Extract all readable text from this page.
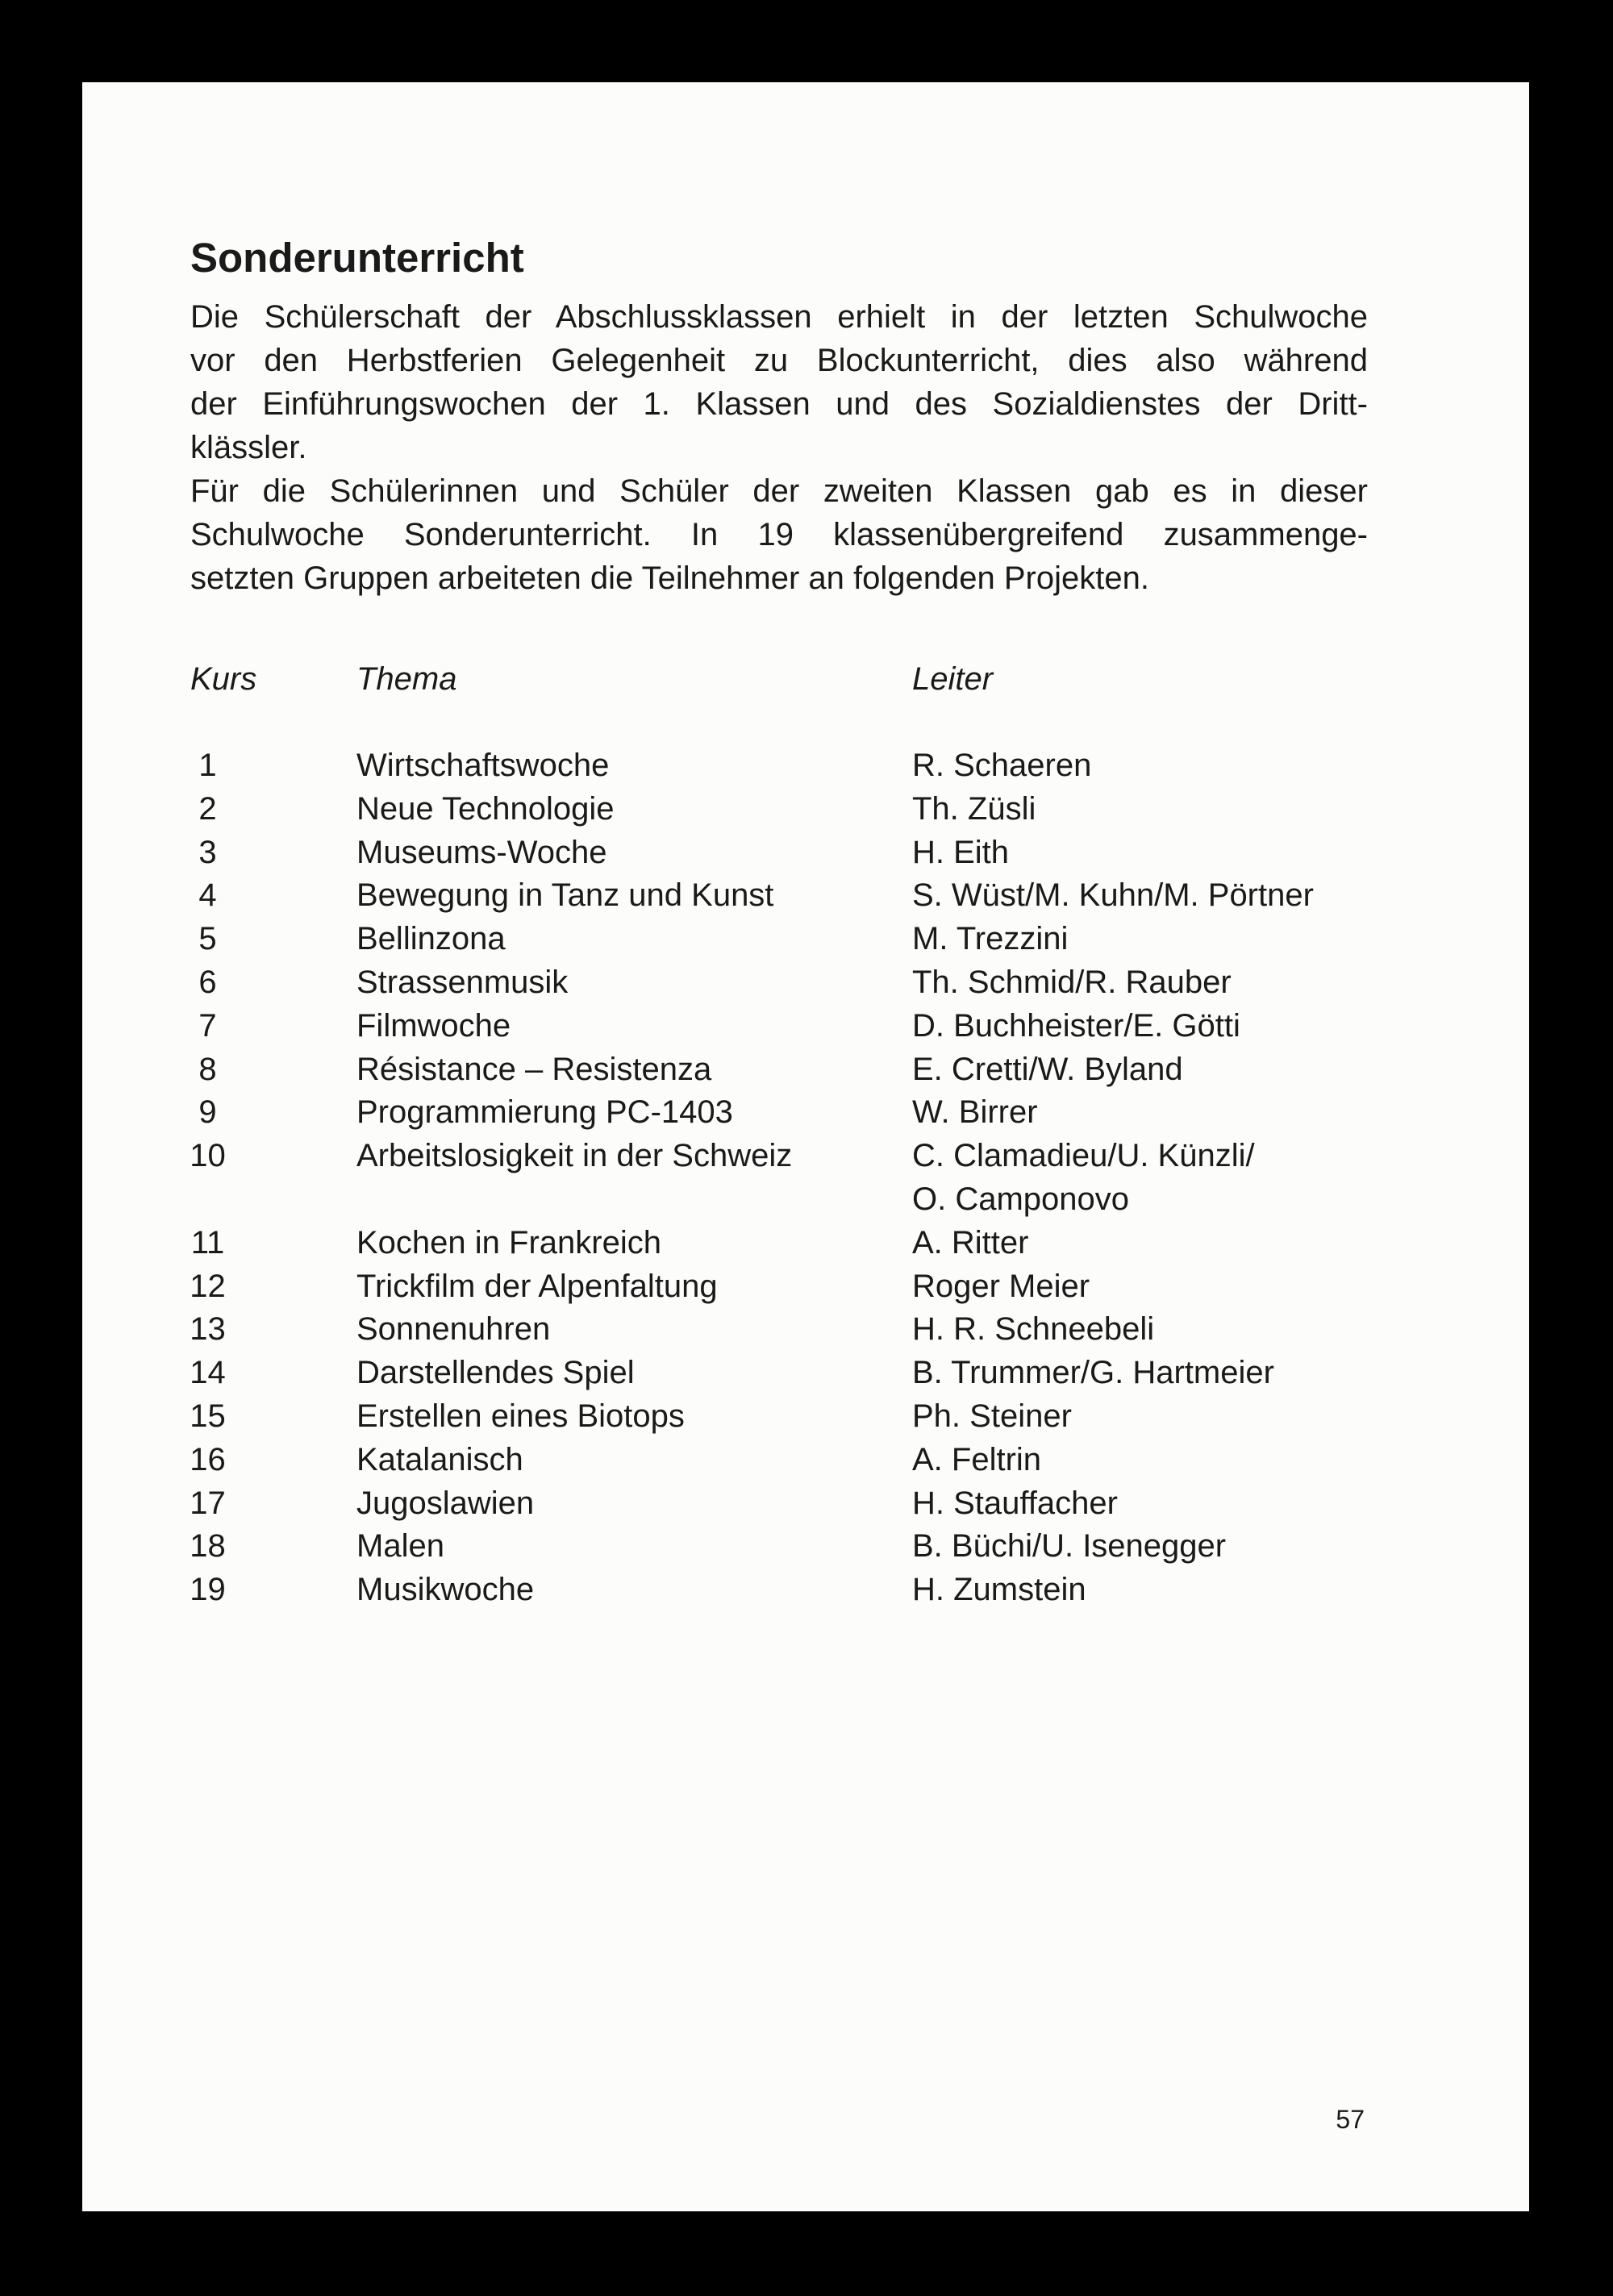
Sonderunterricht

Die Schülerschaft der Abschlussklassen erhielt in der letzten Schulwoche
vor den Herbstferien Gelegenheit zu Blockunterricht, dies also während
der Einführungswochen der 1. Klassen und des Sozialdienstes der Dritt-
klässler.

Für die Schülerinnen und Schüler der zweiten Klassen gab es in dieser
Schulwoche Sonderunterricht. In 19 klassenübergreifend zusammenge-
setzten Gruppen arbeiteten die Teilnehmer an folgenden Projekten.

Kurs	Thema	Leiter
1	Wirtschaftswoche	R. Schaeren
2	Neue Technologie	Th. Züsli
3	Museums-Woche	H. Eith
4	Bewegung in Tanz und Kunst	S. Wüst/M. Kuhn/M. Pörtner
5	Bellinzona	M. Trezzini
6	Strassenmusik	Th. Schmid/R. Rauber
7	Filmwoche	D. Buchheister/E. Götti
8	Résistance – Resistenza	E. Cretti/W. Byland
9	Programmierung PC-1403	W. Birrer
10	Arbeitslosigkeit in der Schweiz	C. Clamadieu/U. Künzli/
O. Camponovo
11	Kochen in Frankreich	A. Ritter
12	Trickfilm der Alpenfaltung	Roger Meier
13	Sonnenuhren	H. R. Schneebeli
14	Darstellendes Spiel	B. Trummer/G. Hartmeier
15	Erstellen eines Biotops	Ph. Steiner
16	Katalanisch	A. Feltrin
17	Jugoslawien	H. Stauffacher
18	Malen	B. Büchi/U. Isenegger
19	Musikwoche	H. Zumstein
57
